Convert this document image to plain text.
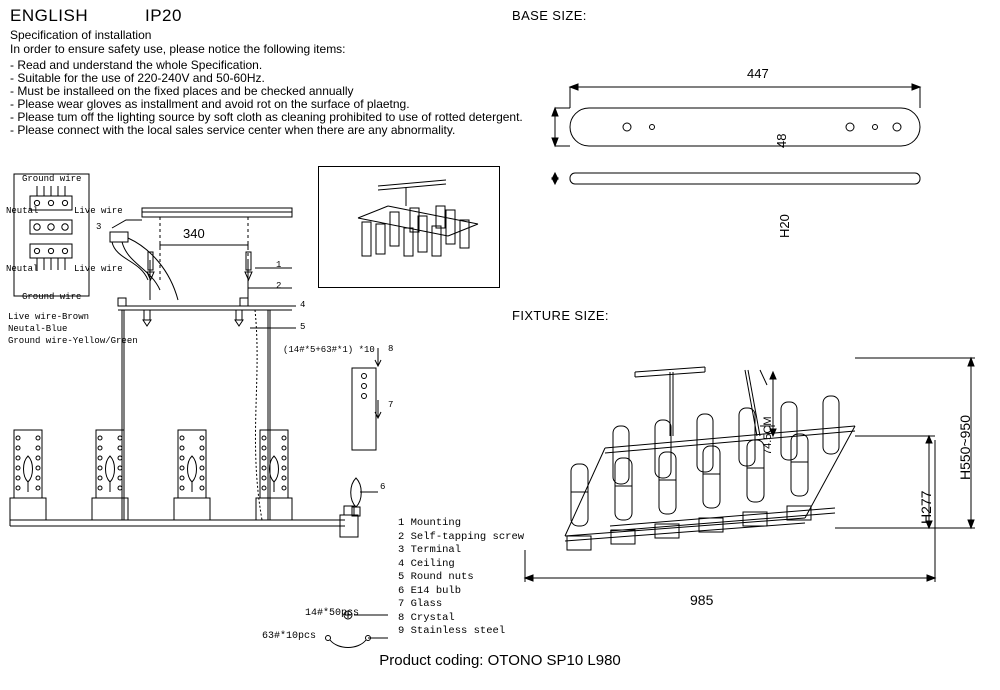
ENGLISH	IP20
Specification of installation
In order to ensure safety use, please notice the following items:
- Read and understand the whole Specification.
- Suitable for the use of 220-240V and 50-60Hz.
- Must be installeed on the fixed places and be checked annually
- Please wear gloves as installment and avoid rot on the surface of plaetng.
- Please tum off the lighting source by soft cloth as cleaning prohibited to use of rotted detergent.
- Please connect with the local sales service center when there are any abnormality.
Ground wire
Neutal	Live wire
Neutal	Live wire
Ground wire
Live wire-Brown
Neutal-Blue
Ground wire-Yellow/Green
340
3
1
2
4
5
6
7
8
(14#*5+63#*1) *10
14#*50pcs
63#*10pcs
1 Mounting
2 Self-tapping screw
3 Terminal
4 Ceiling
5 Round nuts
6 E14 bulb
7 Glass
8 Crystal
9 Stainless steel
BASE SIZE:
447
48
H20
FIXTURE SIZE:
H550~950
H277
74.5CM
985
Product coding: OTONO SP10 L980
